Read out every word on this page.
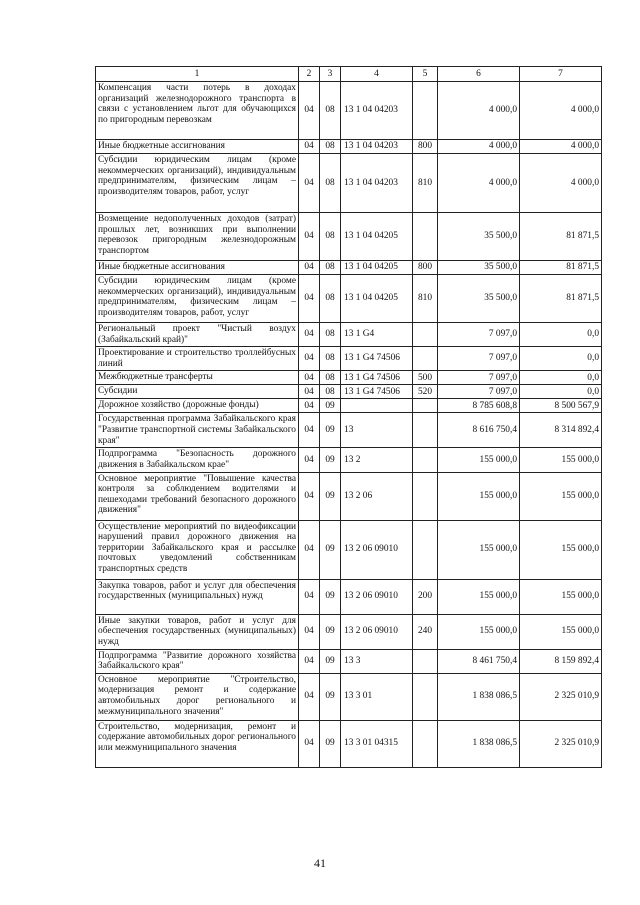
1	2	3	4	5	6	7
Компенсация части потерь в доходах организаций железнодорожного транспорта в связи с установлением льгот для обучающихся по пригородным перевозкам	04	08	13 1 04 04203		4 000,0	4 000,0
Иные бюджетные ассигнования	04	08	13 1 04 04203	800	4 000,0	4 000,0
Субсидии юридическим лицам (кроме некоммерческих организаций), индивидуальным предпринимателям, физическим лицам – производителям товаров, работ, услуг	04	08	13 1 04 04203	810	4 000,0	4 000,0
Возмещение недополученных доходов (затрат) прошлых лет, возникших при выполнении перевозок пригородным железнодорожным транспортом	04	08	13 1 04 04205		35 500,0	81 871,5
Иные бюджетные ассигнования	04	08	13 1 04 04205	800	35 500,0	81 871,5
Субсидии юридическим лицам (кроме некоммерческих организаций), индивидуальным предпринимателям, физическим лицам – производителям товаров, работ, услуг	04	08	13 1 04 04205	810	35 500,0	81 871,5
Региональный проект "Чистый воздух (Забайкальский край)"	04	08	13 1 G4		7 097,0	0,0
Проектирование и строительство троллейбусных линий	04	08	13 1 G4 74506		7 097,0	0,0
Межбюджетные трансферты	04	08	13 1 G4 74506	500	7 097,0	0,0
Субсидии	04	08	13 1 G4 74506	520	7 097,0	0,0
Дорожное хозяйство (дорожные фонды)	04	09			8 785 608,8	8 500 567,9
Государственная программа Забайкальского края "Развитие транспортной системы Забайкальского края"	04	09	13		8 616 750,4	8 314 892,4
Подпрограмма "Безопасность дорожного движения в Забайкальском крае"	04	09	13 2		155 000,0	155 000,0
Основное мероприятие "Повышение качества контроля за соблюдением водителями и пешеходами требований безопасного дорожного движения"	04	09	13 2 06		155 000,0	155 000,0
Осуществление мероприятий по видеофиксации нарушений правил дорожного движения на территории Забайкальского края и рассылке почтовых уведомлений собственникам транспортных средств	04	09	13 2 06 09010		155 000,0	155 000,0
Закупка товаров, работ и услуг для обеспечения государственных (муниципальных) нужд	04	09	13 2 06 09010	200	155 000,0	155 000,0
Иные закупки товаров, работ и услуг для обеспечения государственных (муниципальных) нужд	04	09	13 2 06 09010	240	155 000,0	155 000,0
Подпрограмма "Развитие дорожного хозяйства Забайкальского края"	04	09	13 3		8 461 750,4	8 159 892,4
Основное мероприятие "Строительство, модернизация ремонт и содержание автомобильных дорог регионального и межмуниципального значения"	04	09	13 3 01		1 838 086,5	2 325 010,9
Строительство, модернизация, ремонт и содержание автомобильных дорог регионального или межмуниципального значения	04	09	13 3 01 04315		1 838 086,5	2 325 010,9
41
